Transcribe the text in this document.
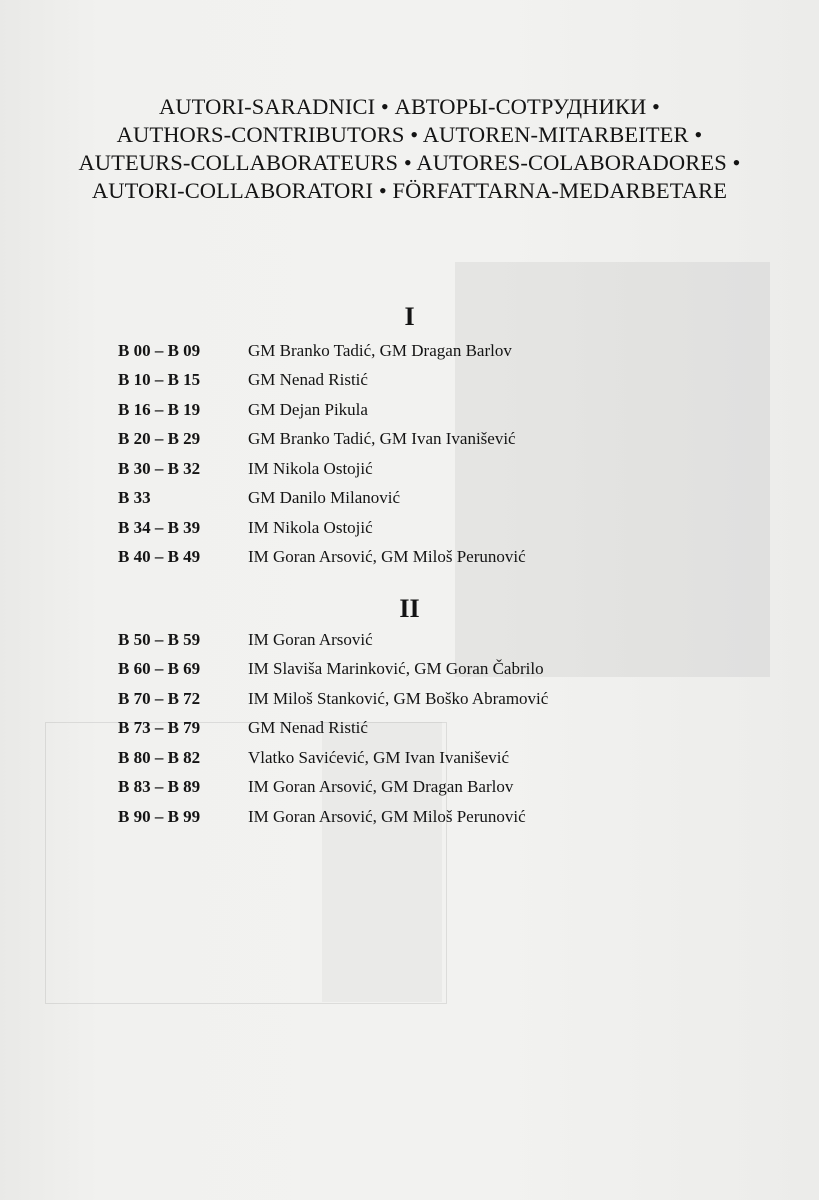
AUTORI-SARADNICI • АВТОРЫ-СОТРУДНИКИ •
AUTHORS-CONTRIBUTORS • AUTOREN-MITARBEITER •
AUTEURS-COLLABORATEURS • AUTORES-COLABORADORES •
AUTORI-COLLABORATORI • FÖRFATTARNA-MEDARBETARE
I
B 00 – B 09	GM Branko Tadić, GM Dragan Barlov
B 10 – B 15	GM Nenad Ristić
B 16 – B 19	GM Dejan Pikula
B 20 – B 29	GM Branko Tadić, GM Ivan Ivanišević
B 30 – B 32	IM Nikola Ostojić
B 33	GM Danilo Milanović
B 34 – B 39	IM Nikola Ostojić
B 40 – B 49	IM Goran Arsović, GM Miloš Perunović
II
B 50 – B 59	IM Goran Arsović
B 60 – B 69	IM Slaviša Marinković, GM Goran Čabrilo
B 70 – B 72	IM Miloš Stanković, GM Boško Abramović
B 73 – B 79	GM Nenad Ristić
B 80 – B 82	Vlatko Savićević, GM Ivan Ivanišević
B 83 – B 89	IM Goran Arsović, GM Dragan Barlov
B 90 – B 99	IM Goran Arsović, GM Miloš Perunović
